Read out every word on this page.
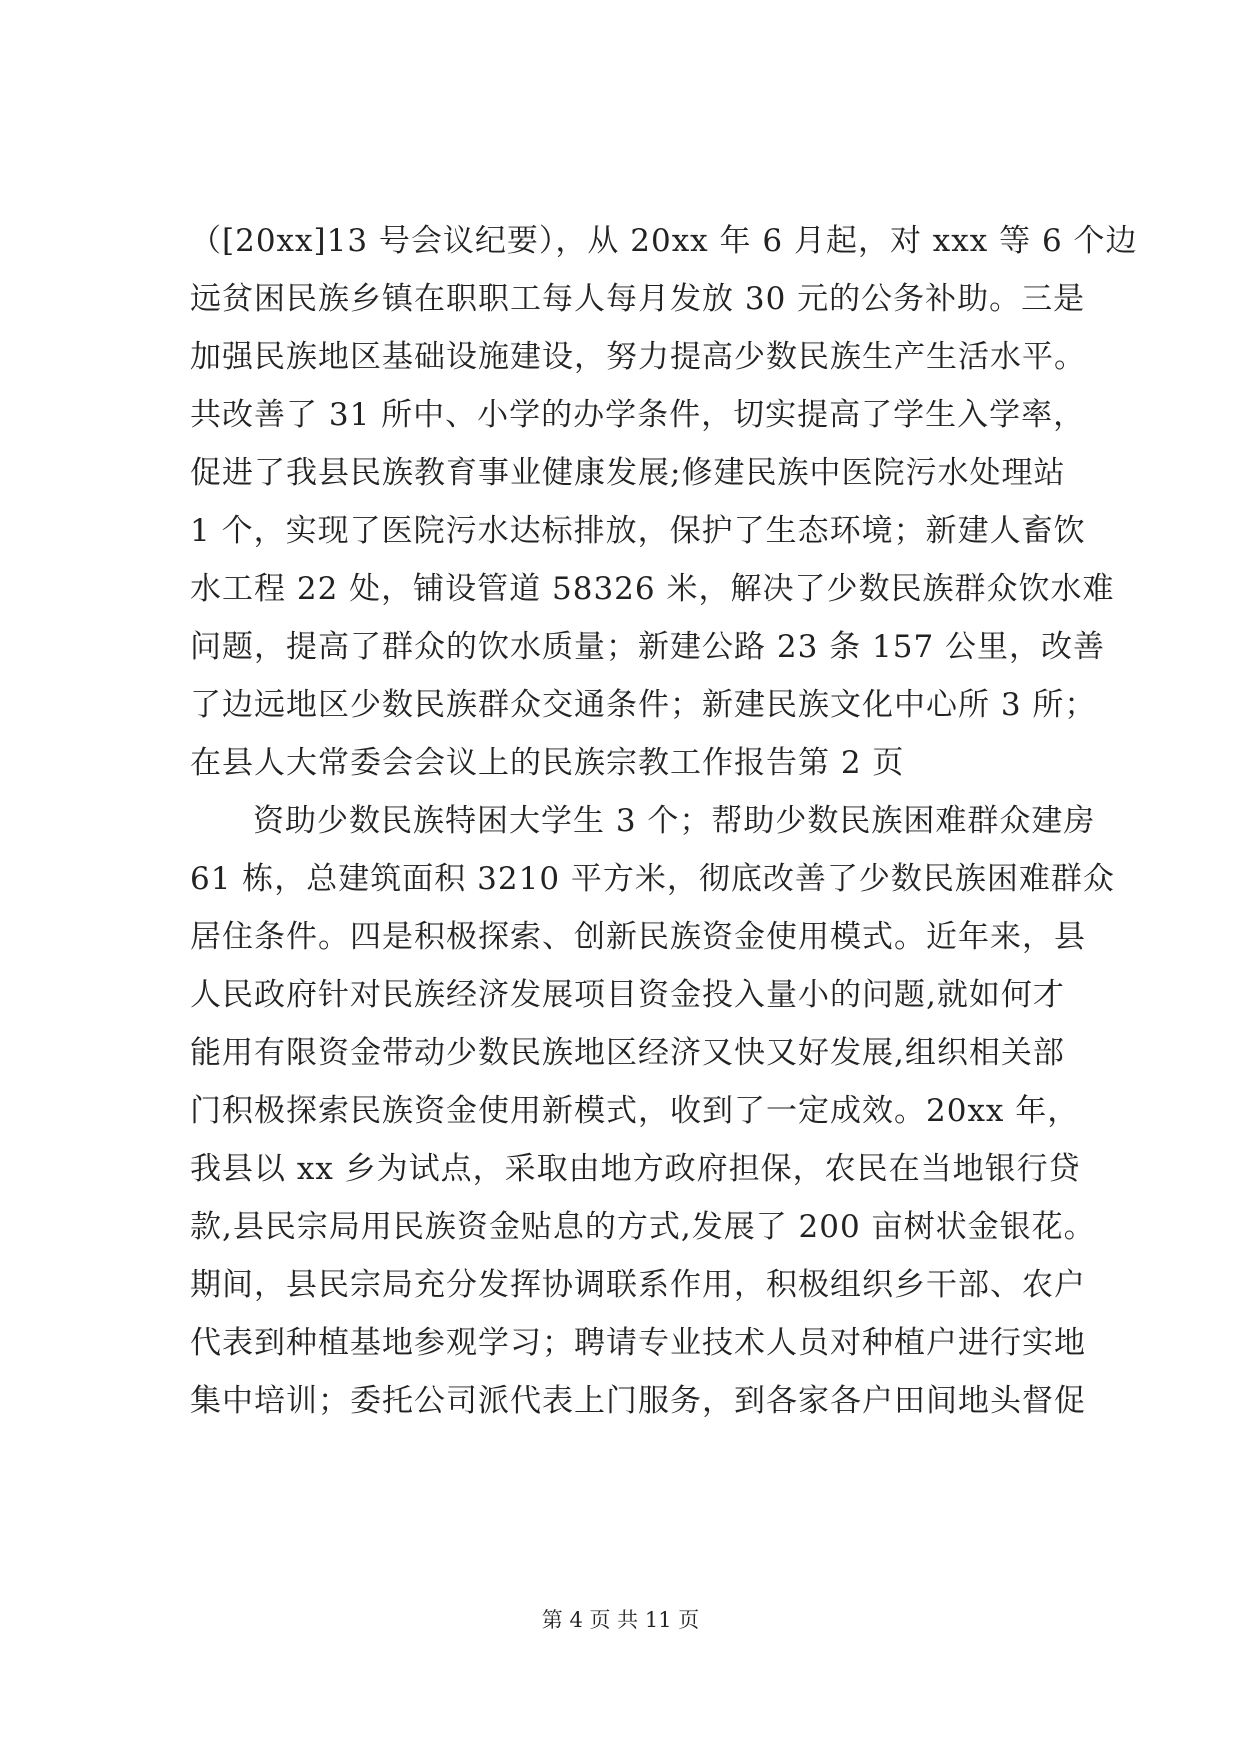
（[20xx]13 号会议纪要），从 20xx 年 6 月起，对 xxx 等 6 个边
远贫困民族乡镇在职职工每人每月发放 30 元的公务补助。三是
加强民族地区基础设施建设，努力提高少数民族生产生活水平。
共改善了 31 所中、小学的办学条件，切实提高了学生入学率，
促进了我县民族教育事业健康发展;修建民族中医院污水处理站
1 个，实现了医院污水达标排放，保护了生态环境；新建人畜饮
水工程 22 处，铺设管道 58326 米，解决了少数民族群众饮水难
问题，提高了群众的饮水质量；新建公路 23 条 157 公里，改善
了边远地区少数民族群众交通条件；新建民族文化中心所 3 所；
在县人大常委会会议上的民族宗教工作报告第 2 页
资助少数民族特困大学生 3 个；帮助少数民族困难群众建房
61 栋，总建筑面积 3210 平方米，彻底改善了少数民族困难群众
居住条件。四是积极探索、创新民族资金使用模式。近年来，县
人民政府针对民族经济发展项目资金投入量小的问题,就如何才
能用有限资金带动少数民族地区经济又快又好发展,组织相关部
门积极探索民族资金使用新模式，收到了一定成效。20xx 年，
我县以 xx 乡为试点，采取由地方政府担保，农民在当地银行贷
款,县民宗局用民族资金贴息的方式,发展了 200 亩树状金银花。
期间，县民宗局充分发挥协调联系作用，积极组织乡干部、农户
代表到种植基地参观学习；聘请专业技术人员对种植户进行实地
集中培训；委托公司派代表上门服务，到各家各户田间地头督促
第 4 页 共 11 页
